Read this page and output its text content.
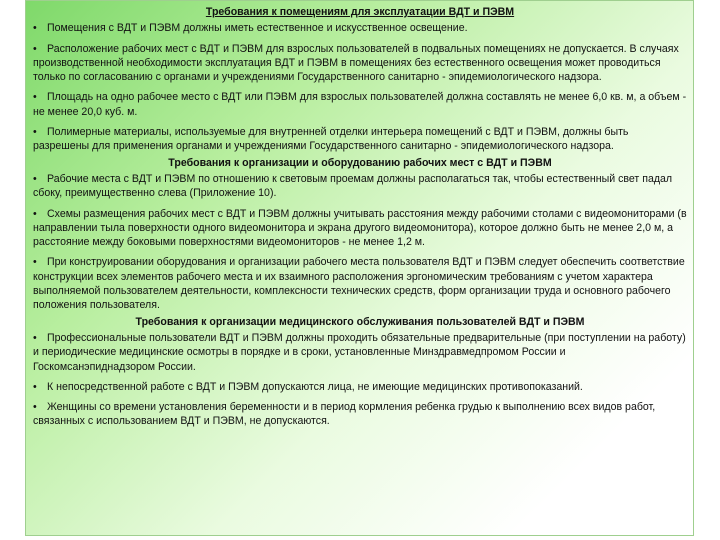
Требования к помещениям для эксплуатации ВДТ и ПЭВМ
• Помещения с ВДТ и ПЭВМ должны иметь естественное и искусственное освещение.
• Расположение рабочих мест с ВДТ и ПЭВМ для взрослых пользователей в подвальных помещениях не допускается. В случаях производственной необходимости эксплуатация ВДТ и ПЭВМ в помещениях без естественного освещения может проводиться только по согласованию с органами и учреждениями Государственного санитарно - эпидемиологического надзора.
• Площадь на одно рабочее место с ВДТ или ПЭВМ для взрослых пользователей должна составлять не менее 6,0 кв. м, а объем - не менее 20,0 куб. м.
• Полимерные материалы, используемые для внутренней отделки интерьера помещений с ВДТ и ПЭВМ, должны быть разрешены для применения органами и учреждениями Государственного санитарно - эпидемиологического надзора.
Требования к организации и оборудованию рабочих мест с ВДТ и ПЭВМ
• Рабочие места с ВДТ и ПЭВМ по отношению к световым проемам должны располагаться так, чтобы естественный свет падал сбоку, преимущественно слева (Приложение 10).
• Схемы размещения рабочих мест с ВДТ и ПЭВМ должны учитывать расстояния между рабочими столами с видеомониторами (в направлении тыла поверхности одного видеомонитора и экрана другого видеомонитора), которое должно быть не менее 2,0 м, а расстояние между боковыми поверхностями видеомониторов - не менее 1,2 м.
• При конструировании оборудования и организации рабочего места пользователя ВДТ и ПЭВМ следует обеспечить соответствие конструкции всех элементов рабочего места и их взаимного расположения эргономическим требованиям с учетом характера выполняемой пользователем деятельности, комплексности технических средств, форм организации труда и основного рабочего положения пользователя.
Требования к организации медицинского обслуживания пользователей ВДТ и ПЭВМ
• Профессиональные пользователи ВДТ и ПЭВМ должны проходить обязательные предварительные (при поступлении на работу) и периодические медицинские осмотры в порядке и в сроки, установленные Минздравмедпромом России и Госкомсанэпиднадзором России.
• К непосредственной работе с ВДТ и ПЭВМ допускаются лица, не имеющие медицинских противопоказаний.
• Женщины со времени установления беременности и в период кормления ребенка грудью к выполнению всех видов работ, связанных с использованием ВДТ и ПЭВМ, не допускаются.
